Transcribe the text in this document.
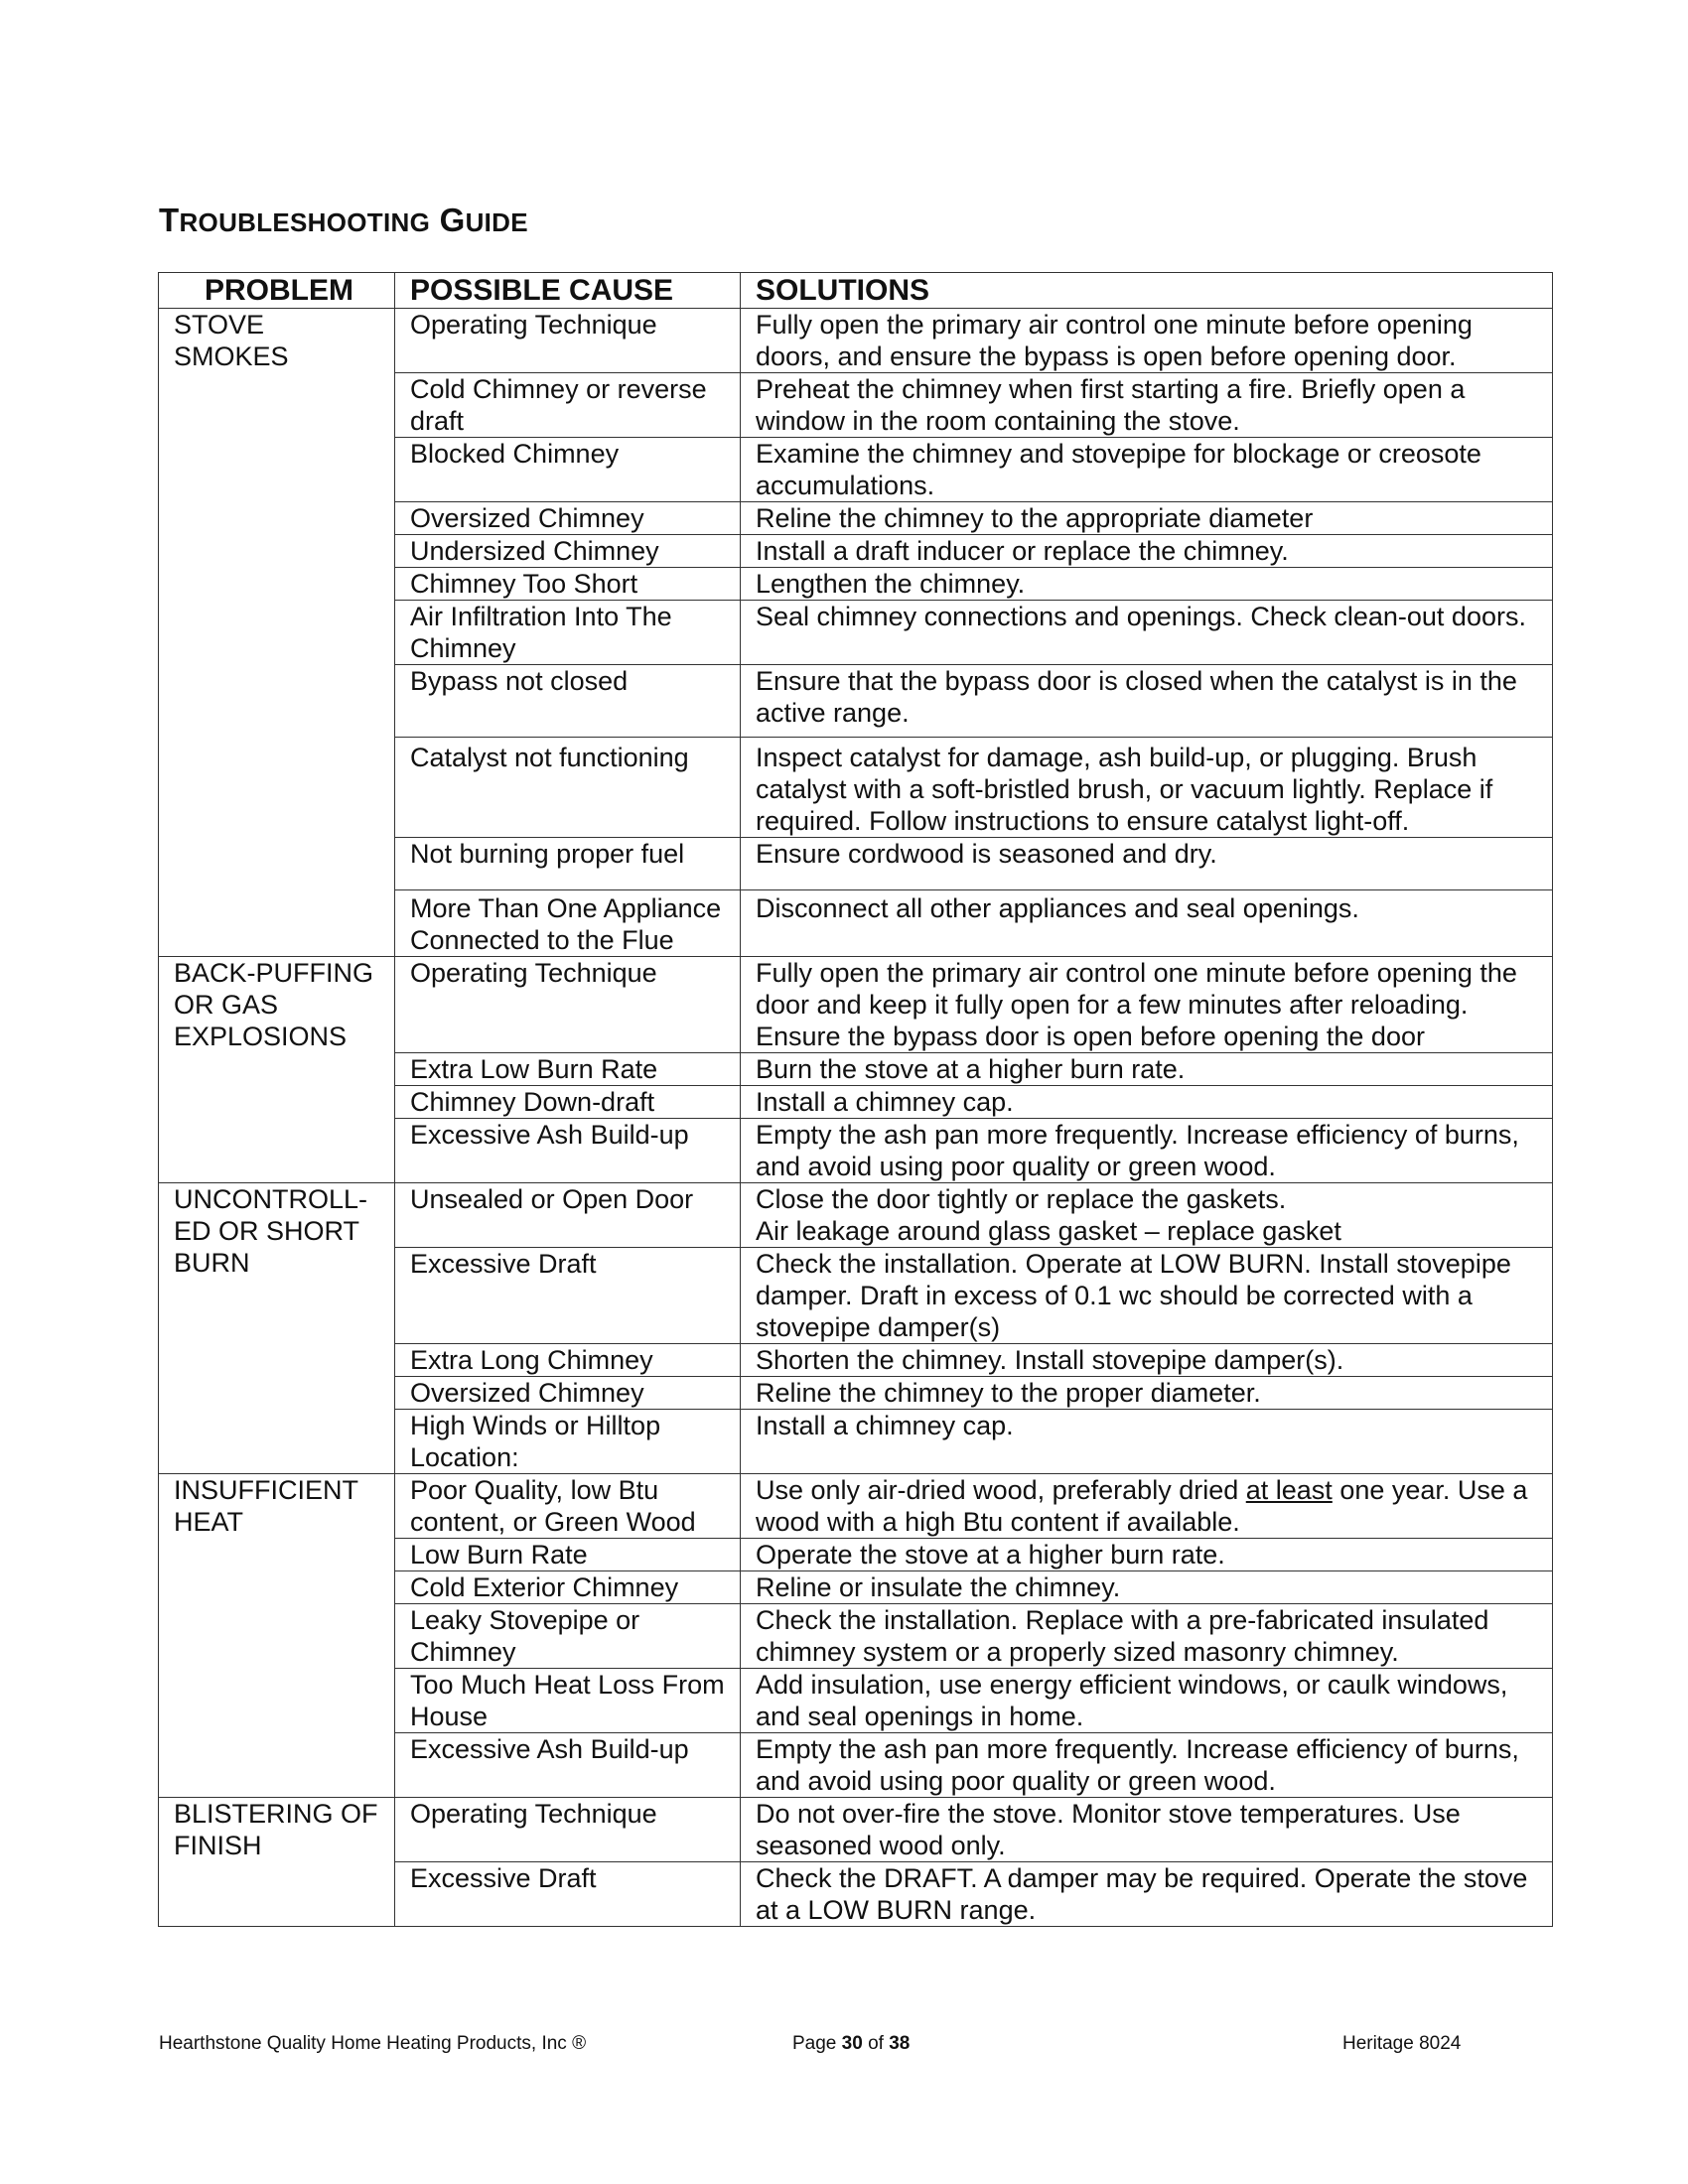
TROUBLESHOOTING GUIDE
PROBLEM	POSSIBLE CAUSE	SOLUTIONS
STOVE SMOKES	Operating Technique	Fully open the primary air control one minute before opening doors, and ensure the bypass is open before opening door.
	Cold Chimney or reverse draft	Preheat the chimney when first starting a fire. Briefly open a window in the room containing the stove.
	Blocked Chimney	Examine the chimney and stovepipe for blockage or creosote accumulations.
	Oversized Chimney	Reline the chimney to the appropriate diameter
	Undersized Chimney	Install a draft inducer or replace the chimney.
	Chimney Too Short	Lengthen the chimney.
	Air Infiltration Into The Chimney	Seal chimney connections and openings. Check clean-out doors.
	Bypass not closed	Ensure that the bypass door is closed when the catalyst is in the active range.
	Catalyst not functioning	Inspect catalyst for damage, ash build-up, or plugging. Brush catalyst with a soft-bristled brush, or vacuum lightly. Replace if required. Follow instructions to ensure catalyst light-off.
	Not burning proper fuel	Ensure cordwood is seasoned and dry.
	More Than One Appliance Connected to the Flue	Disconnect all other appliances and seal openings.
BACK-PUFFING OR GAS EXPLOSIONS	Operating Technique	Fully open the primary air control one minute before opening the door and keep it fully open for a few minutes after reloading. Ensure the bypass door is open before opening the door
	Extra Low Burn Rate	Burn the stove at a higher burn rate.
	Chimney Down-draft	Install a chimney cap.
	Excessive Ash Build-up	Empty the ash pan more frequently. Increase efficiency of burns, and avoid using poor quality or green wood.
UNCONTROLL-ED OR SHORT BURN	Unsealed or Open Door	Close the door tightly or replace the gaskets.
Air leakage around glass gasket – replace gasket
	Excessive Draft	Check the installation. Operate at LOW BURN. Install stovepipe damper. Draft in excess of 0.1 wc should be corrected with a stovepipe damper(s)
	Extra Long Chimney	Shorten the chimney. Install stovepipe damper(s).
	Oversized Chimney	Reline the chimney to the proper diameter.
	High Winds or Hilltop Location:	Install a chimney cap.
INSUFFICIENT HEAT	Poor Quality, low Btu content, or Green Wood	Use only air-dried wood, preferably dried at least one year. Use a wood with a high Btu content if available.
	Low Burn Rate	Operate the stove at a higher burn rate.
	Cold Exterior Chimney	Reline or insulate the chimney.
	Leaky Stovepipe or Chimney	Check the installation. Replace with a pre-fabricated insulated chimney system or a properly sized masonry chimney.
	Too Much Heat Loss From House	Add insulation, use energy efficient windows, or caulk windows, and seal openings in home.
	Excessive Ash Build-up	Empty the ash pan more frequently. Increase efficiency of burns, and avoid using poor quality or green wood.
BLISTERING OF FINISH	Operating Technique	Do not over-fire the stove. Monitor stove temperatures. Use seasoned wood only.
	Excessive Draft	Check the DRAFT. A damper may be required. Operate the stove at a LOW BURN range.
Hearthstone Quality Home Heating Products, Inc ®	Page 30 of 38	Heritage 8024
